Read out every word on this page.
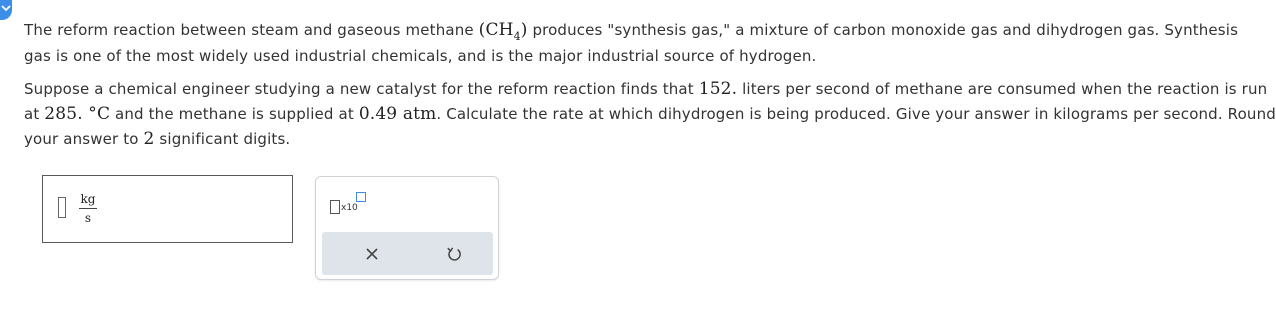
The reform reaction between steam and gaseous methane $(CH_4)$ produces "synthesis gas," a mixture of carbon monoxide gas and dihydrogen gas. Synthesis
gas is one of the most widely used industrial chemicals, and is the major industrial source of hydrogen.
Suppose a chemical engineer studying a new catalyst for the reform reaction finds that 152. liters per second of methane are consumed when the reaction is run
at 285. °C and the methane is supplied at 0.49 atm. Calculate the rate at which dihydrogen is being produced. Give your answer in kilograms per second. Round
your answer to 2 significant digits.
kg
s
x10
